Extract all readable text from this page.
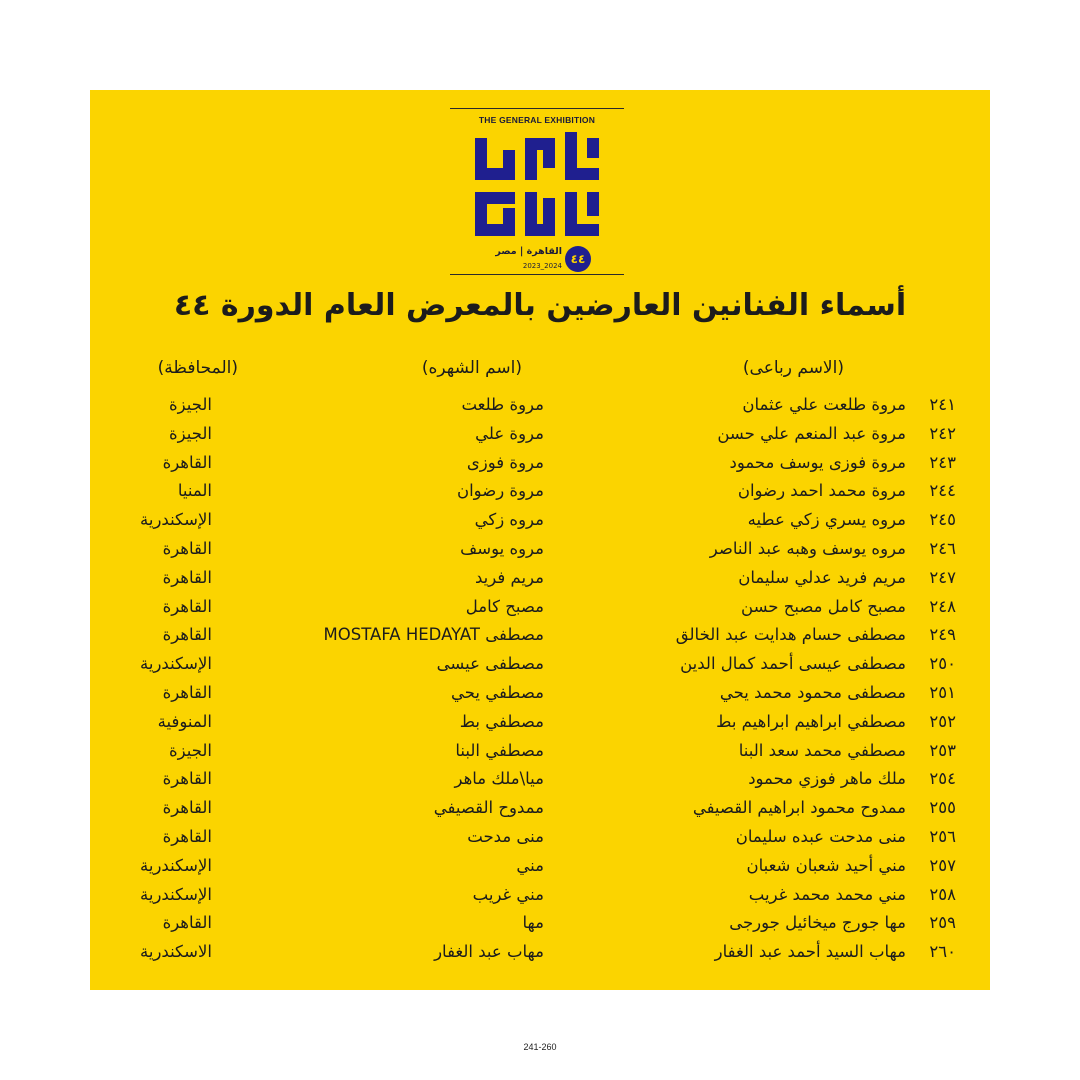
THE GENERAL EXHIBITION
٤٤
القاهرة | مصر
2023_2024
أسماء الفنانين العارضين بالمعرض العام الدورة ٤٤
(الاسم رباعى)
(اسم الشهره)
(المحافظة)
٢٤١
مروة طلعت علي عثمان
مروة طلعت
الجيزة
٢٤٢
مروة عبد المنعم علي حسن
مروة علي
الجيزة
٢٤٣
مروة فوزى يوسف محمود
مروة فوزى
القاهرة
٢٤٤
مروة محمد احمد رضوان
مروة رضوان
المنيا
٢٤٥
مروه يسري زكي عطيه
مروه زكي
الإسكندرية
٢٤٦
مروه يوسف وهبه عبد الناصر
مروه يوسف
القاهرة
٢٤٧
مريم فريد عدلي سليمان
مريم فريد
القاهرة
٢٤٨
مصبح كامل مصبح حسن
مصبح كامل
القاهرة
٢٤٩
مصطفى حسام هدايت عبد الخالق
مصطفى MOSTAFA HEDAYAT
القاهرة
٢٥٠
مصطفى عيسى أحمد كمال الدين
مصطفى عيسى
الإسكندرية
٢٥١
مصطفى محمود محمد يحي
مصطفي يحي
القاهرة
٢٥٢
مصطفي ابراهيم ابراهيم بط
مصطفي بط
المنوفية
٢٥٣
مصطفي محمد سعد البنا
مصطفي البنا
الجيزة
٢٥٤
ملك ماهر فوزي محمود
ميا\ملك ماهر
القاهرة
٢٥٥
ممدوح محمود ابراهيم القصيفي
ممدوح القصيفي
القاهرة
٢٥٦
منى مدحت عبده سليمان
منى مدحت
القاهرة
٢٥٧
مني أحيد شعبان شعبان
مني
الإسكندرية
٢٥٨
مني محمد محمد غريب
مني غريب
الإسكندرية
٢٥٩
مها جورج ميخائيل جورجى
مها
القاهرة
٢٦٠
مهاب السيد أحمد عبد الغفار
مهاب عبد الغفار
الاسكندرية
241-260
